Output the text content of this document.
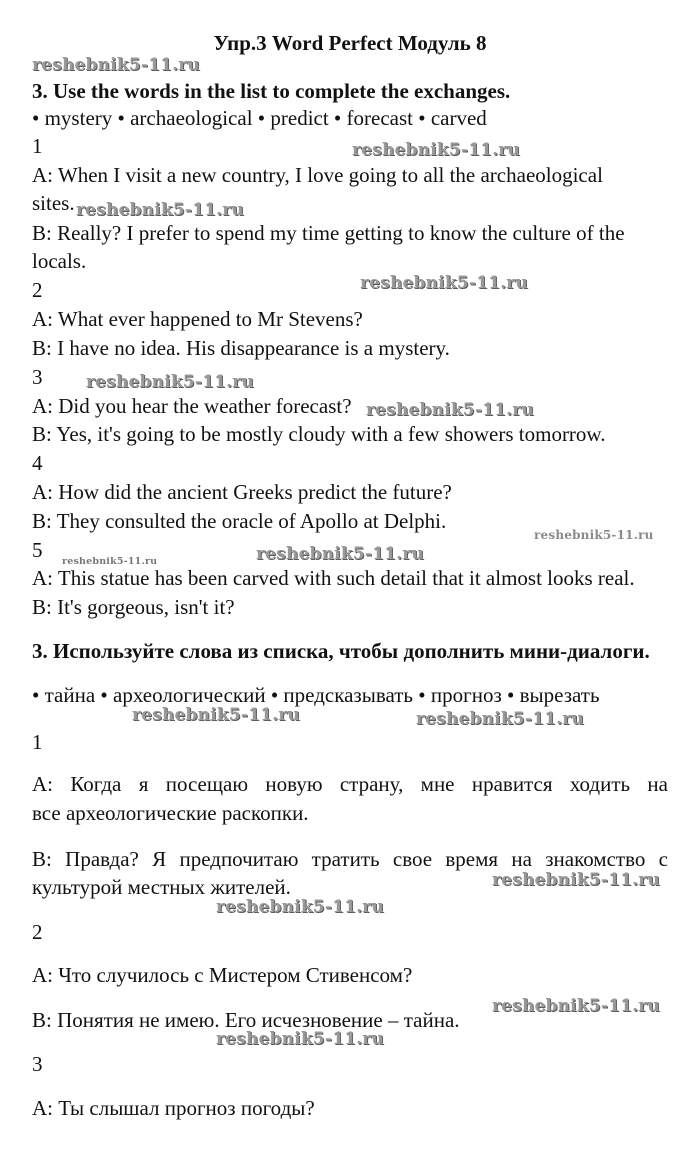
Упр.3 Word Perfect Модуль 8
3. Use the words in the list to complete the exchanges.
• mystery • archaeological • predict • forecast • carved
1
A: When I visit a new country, I love going to all the archaeological
sites.
B: Really? I prefer to spend my time getting to know the culture of the
locals.
2
A: What ever happened to Mr Stevens?
B: I have no idea. His disappearance is a mystery.
3
A: Did you hear the weather forecast?
B: Yes, it's going to be mostly cloudy with a few showers tomorrow.
4
A: How did the ancient Greeks predict the future?
B: They consulted the oracle of Apollo at Delphi.
5
A: This statue has been carved with such detail that it almost looks real.
B: It's gorgeous, isn't it?
3. Используйте слова из списка, чтобы дополнить мини-диалоги.
• тайна • археологический • предсказывать • прогноз • вырезать
1
A: Когда я посещаю новую страну, мне нравится ходить на
все археологические раскопки.
B: Правда? Я предпочитаю тратить свое время на знакомство с
культурой местных жителей.
2
A: Что случилось с Мистером Стивенсом?
B: Понятия не имею. Его исчезновение – тайна.
3
A: Ты слышал прогноз погоды?
reshebnik5-11.ru
reshebnik5-11.ru
reshebnik5-11.ru
reshebnik5-11.ru
reshebnik5-11.ru
reshebnik5-11.ru
reshebnik5-11.ru
reshebnik5-11.ru	reshebnik5-11.ru
reshebnik5-11.ru	reshebnik5-11.ru
reshebnik5-11.ru
reshebnik5-11.ru
reshebnik5-11.ru
reshebnik5-11.ru
